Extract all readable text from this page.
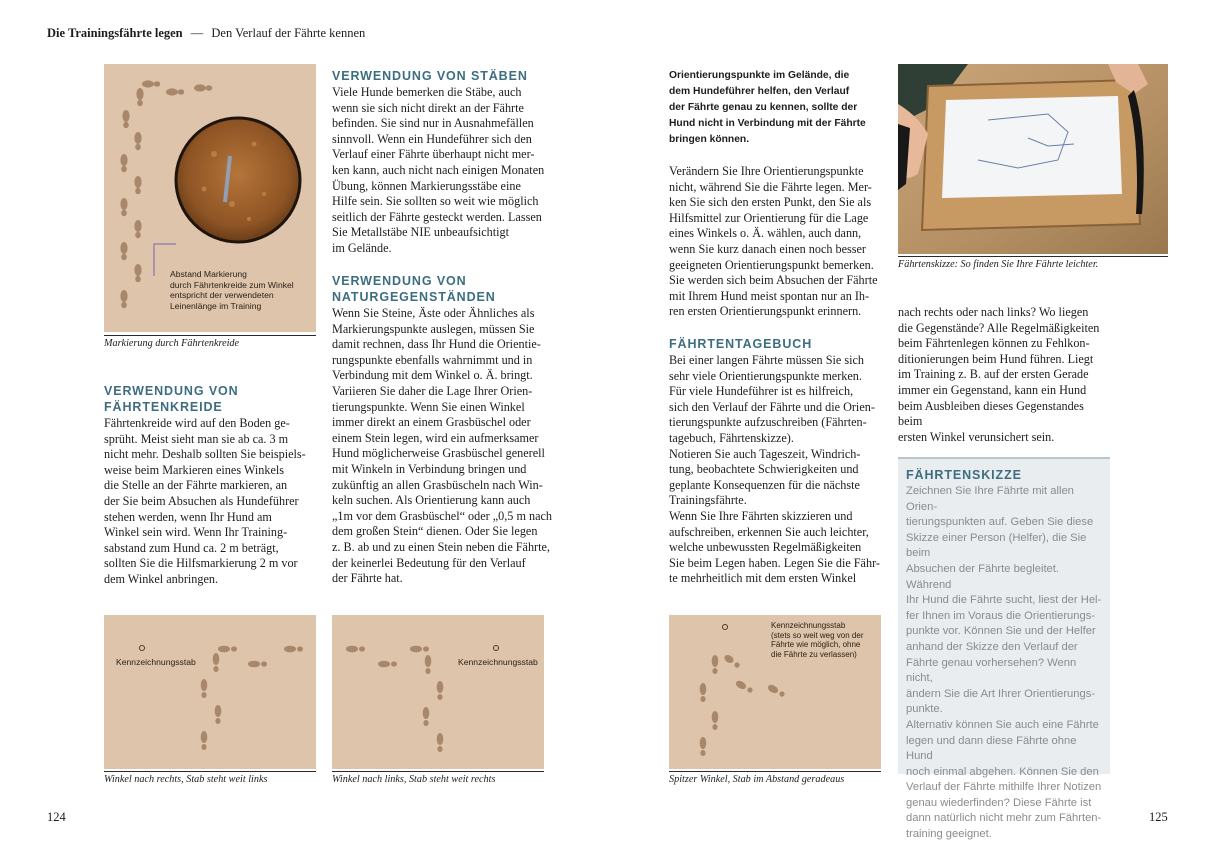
Die Trainingsfährte legen — Den Verlauf der Fährte kennen
Abstand Markierung
durch Fährtenkreide zum Winkel
entspricht der verwendeten
Leinenlänge im Training
Markierung durch Fährtenkreide
VERWENDUNG VON
FÄHRTENKREIDE

Fährtenkreide wird auf den Boden ge-

sprüht. Meist sieht man sie ab ca. 3 m

nicht mehr. Deshalb sollten Sie beispiels-

weise beim Markieren eines Winkels

die Stelle an der Fährte markieren, an

der Sie beim Absuchen als Hundeführer

stehen werden, wenn Ihr Hund am

Winkel sein wird. Wenn Ihr Training-

sabstand zum Hund ca. 2 m beträgt,

sollten Sie die Hilfsmarkierung 2 m vor

dem Winkel anbringen.

VERWENDUNG VON STÄBEN

Viele Hunde bemerken die Stäbe, auch

wenn sie sich nicht direkt an der Fährte

befinden. Sie sind nur in Ausnahmefällen

sinnvoll. Wenn ein Hundeführer sich den

Verlauf einer Fährte überhaupt nicht mer-

ken kann, auch nicht nach einigen Monaten

Übung, können Markierungsstäbe eine

Hilfe sein. Sie sollten so weit wie möglich

seitlich der Fährte gesteckt werden. Lassen

Sie Metallstäbe NIE unbeaufsichtigt

im Gelände.

VERWENDUNG VON
NATURGEGENSTÄNDEN

Wenn Sie Steine, Äste oder Ähnliches als

Markierungspunkte auslegen, müssen Sie

damit rechnen, dass Ihr Hund die Orientie-

rungspunkte ebenfalls wahrnimmt und in

Verbindung mit dem Winkel o. Ä. bringt.

Variieren Sie daher die Lage Ihrer Orien-

tierungspunkte. Wenn Sie einen Winkel

immer direkt an einem Grasbüschel oder

einem Stein legen, wird ein aufmerksamer

Hund möglicherweise Grasbüschel generell

mit Winkeln in Verbindung bringen und

zukünftig an allen Grasbüscheln nach Win-

keln suchen. Als Orientierung kann auch

„1m vor dem Grasbüschel“ oder „0,5 m nach

dem großen Stein“ dienen. Oder Sie legen

z. B. ab und zu einen Stein neben die Fährte,

der keinerlei Bedeutung für den Verlauf

der Fährte hat.

Kennzeichnungsstab
Winkel nach rechts, Stab steht weit links
Kennzeichnungsstab
Winkel nach links, Stab steht weit rechts
124
Orientierungspunkte im Gelände, die
dem Hundeführer helfen, den Verlauf
der Fährte genau zu kennen, sollte der
Hund nicht in Verbindung mit der Fährte
bringen können.

Verändern Sie Ihre Orientierungspunkte

nicht, während Sie die Fährte legen. Mer-

ken Sie sich den ersten Punkt, den Sie als

Hilfsmittel zur Orientierung für die Lage

eines Winkels o. Ä. wählen, auch dann,

wenn Sie kurz danach einen noch besser

geeigneten Orientierungspunkt bemerken.

Sie werden sich beim Absuchen der Fährte

mit Ihrem Hund meist spontan nur an Ih-

ren ersten Orientierungspunkt erinnern.

FÄHRTENTAGEBUCH

Bei einer langen Fährte müssen Sie sich

sehr viele Orientierungspunkte merken.

Für viele Hundeführer ist es hilfreich,

sich den Verlauf der Fährte und die Orien-

tierungspunkte aufzuschreiben (Fährten-

tagebuch, Fährtenskizze).

Notieren Sie auch Tageszeit, Windrich-

tung, beobachtete Schwierigkeiten und

geplante Konsequenzen für die nächste

Trainingsfährte.

Wenn Sie Ihre Fährten skizzieren und

aufschreiben, erkennen Sie auch leichter,

welche unbewussten Regelmäßigkeiten

Sie beim Legen haben. Legen Sie die Fähr-

te mehrheitlich mit dem ersten Winkel

Fährtenskizze: So finden Sie Ihre Fährte leichter.

nach rechts oder nach links? Wo liegen

die Gegenstände? Alle Regelmäßigkeiten

beim Fährtenlegen können zu Fehlkon-

ditionierungen beim Hund führen. Liegt

im Training z. B. auf der ersten Gerade

immer ein Gegenstand, kann ein Hund

beim Ausbleiben dieses Gegenstandes beim

ersten Winkel verunsichert sein.

FÄHRTENSKIZZE
Zeichnen Sie Ihre Fährte mit allen Orien-
tierungspunkten auf. Geben Sie diese
Skizze einer Person (Helfer), die Sie beim
Absuchen der Fährte begleitet. Während
Ihr Hund die Fährte sucht, liest der Hel-
fer Ihnen im Voraus die Orientierungs-
punkte vor. Können Sie und der Helfer
anhand der Skizze den Verlauf der
Fährte genau vorhersehen? Wenn nicht,
ändern Sie die Art Ihrer Orientierungs-
punkte.
Alternativ können Sie auch eine Fährte
legen und dann diese Fährte ohne Hund
noch einmal abgehen. Können Sie den
Verlauf der Fährte mithilfe Ihrer Notizen
genau wiederfinden? Diese Fährte ist
dann natürlich nicht mehr zum Fährten-
training geeignet.
Kennzeichnungsstab
(stets so weit weg von der
Fährte wie möglich, ohne
die Fährte zu verlassen)
Spitzer Winkel, Stab im Abstand geradeaus
125
